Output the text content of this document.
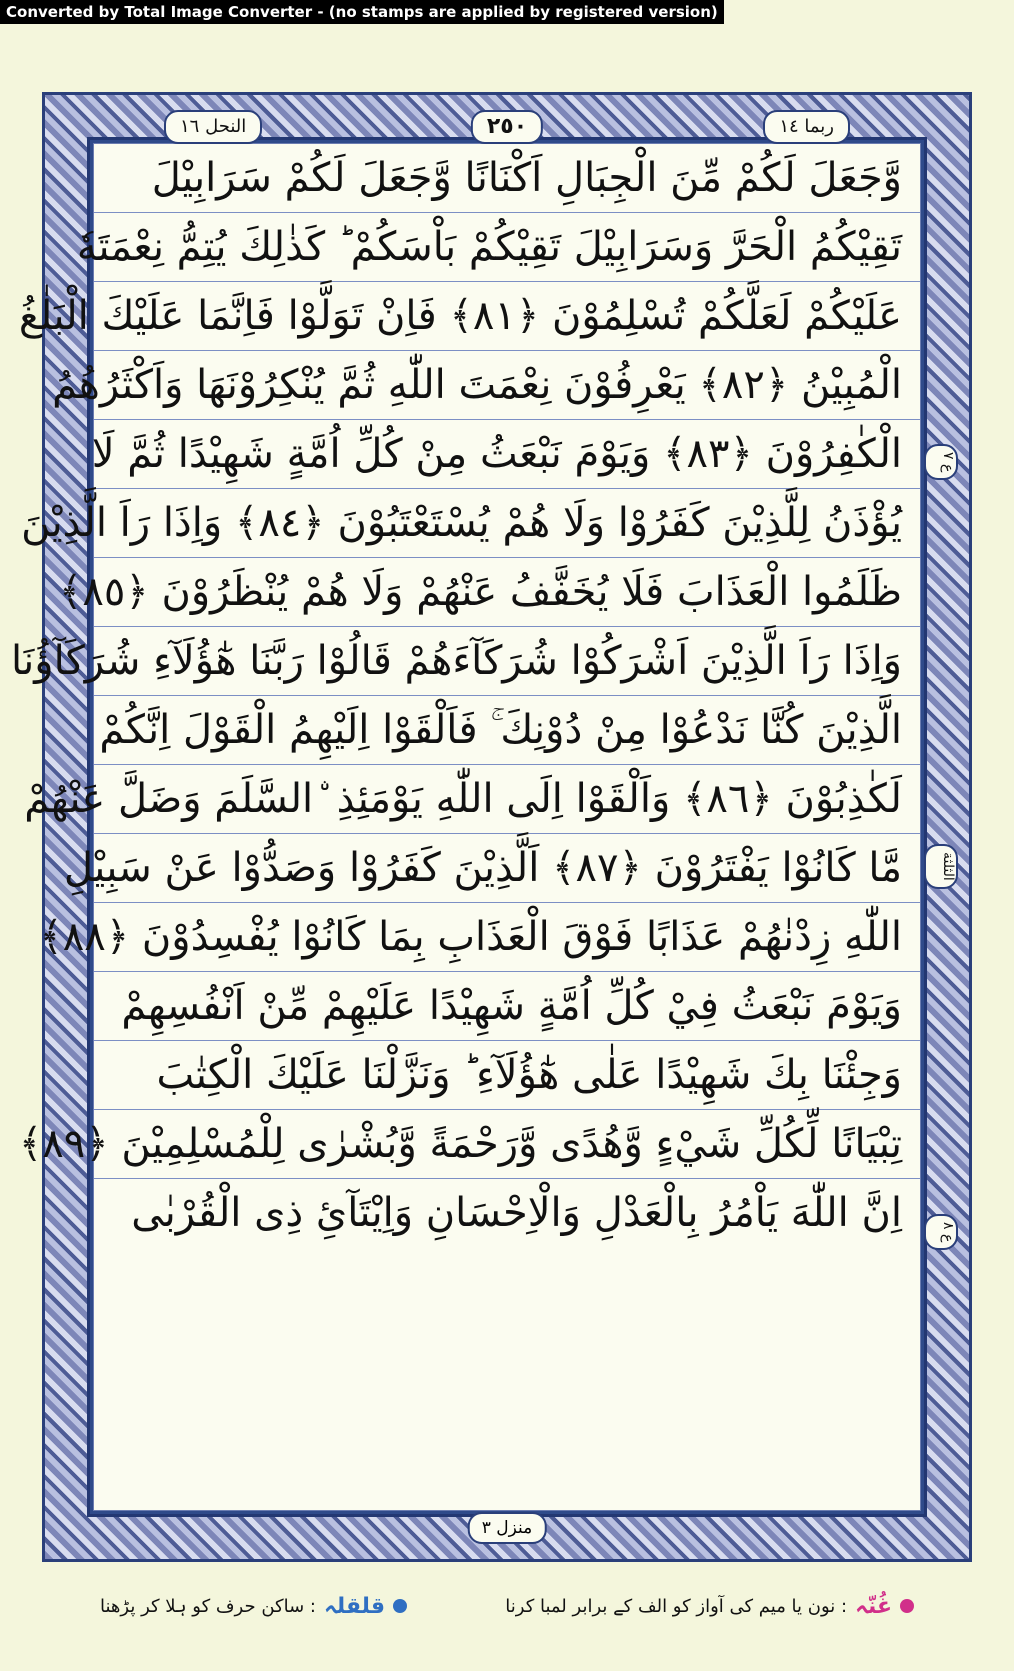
Converted by Total Image Converter - (no stamps are applied by registered version)
النحل ١٦	٢٥٠	ربما ١٤
ع ٧
الثلثة
ع ٨
وَّجَعَلَ لَكُمْ مِّنَ الْجِبَالِ اَكْنَانًا وَّجَعَلَ لَكُمْ سَرَابِيْلَ
تَقِيْكُمُ الْحَرَّ وَسَرَابِيْلَ تَقِيْكُمْ بَاْسَكُمْ ؕ كَذٰلِكَ يُتِمُّ نِعْمَتَهٗ
عَلَيْكُمْ لَعَلَّكُمْ تُسْلِمُوْنَ ﴿٨١﴾ فَاِنْ تَوَلَّوْا فَاِنَّمَا عَلَيْكَ الْبَلٰغُ
الْمُبِيْنُ ﴿٨٢﴾ يَعْرِفُوْنَ نِعْمَتَ اللّٰهِ ثُمَّ يُنْكِرُوْنَهَا وَاَكْثَرُهُمُ
الْكٰفِرُوْنَ ﴿٨٣﴾ وَيَوْمَ نَبْعَثُ مِنْ كُلِّ اُمَّةٍ شَهِيْدًا ثُمَّ لَا
يُؤْذَنُ لِلَّذِيْنَ كَفَرُوْا وَلَا هُمْ يُسْتَعْتَبُوْنَ ﴿٨٤﴾ وَاِذَا رَاَ الَّذِيْنَ
ظَلَمُوا الْعَذَابَ فَلَا يُخَفَّفُ عَنْهُمْ وَلَا هُمْ يُنْظَرُوْنَ ﴿٨٥﴾
وَاِذَا رَاَ الَّذِيْنَ اَشْرَكُوْا شُرَكَآءَهُمْ قَالُوْا رَبَّنَا هٰٓؤُلَآءِ شُرَكَآؤُنَا
الَّذِيْنَ كُنَّا نَدْعُوْا مِنْ دُوْنِكَ ۚ فَاَلْقَوْا اِلَيْهِمُ الْقَوْلَ اِنَّكُمْ
لَكٰذِبُوْنَ ﴿٨٦﴾ وَاَلْقَوْا اِلَى اللّٰهِ يَوْمَئِذِ ۨالسَّلَمَ وَضَلَّ عَنْهُمْ
مَّا كَانُوْا يَفْتَرُوْنَ ﴿٨٧﴾ اَلَّذِيْنَ كَفَرُوْا وَصَدُّوْا عَنْ سَبِيْلِ
اللّٰهِ زِدْنٰهُمْ عَذَابًا فَوْقَ الْعَذَابِ بِمَا كَانُوْا يُفْسِدُوْنَ ﴿٨٨﴾
وَيَوْمَ نَبْعَثُ فِيْ كُلِّ اُمَّةٍ شَهِيْدًا عَلَيْهِمْ مِّنْ اَنْفُسِهِمْ
وَجِئْنَا بِكَ شَهِيْدًا عَلٰى هٰٓؤُلَآءِ ؕ وَنَزَّلْنَا عَلَيْكَ الْكِتٰبَ
تِبْيَانًا لِّكُلِّ شَيْءٍ وَّهُدًى وَّرَحْمَةً وَّبُشْرٰى لِلْمُسْلِمِيْنَ ﴿٨٩﴾
اِنَّ اللّٰهَ يَاْمُرُ بِالْعَدْلِ وَالْاِحْسَانِ وَاِيْتَآئِ ذِى الْقُرْبٰى
منزل ٣
غُنّہ
: نون یا میم کی آواز کو الف کے برابر لمبا کرنا
قلقلہ
: ساکن حرف کو ہلا کر پڑھنا
